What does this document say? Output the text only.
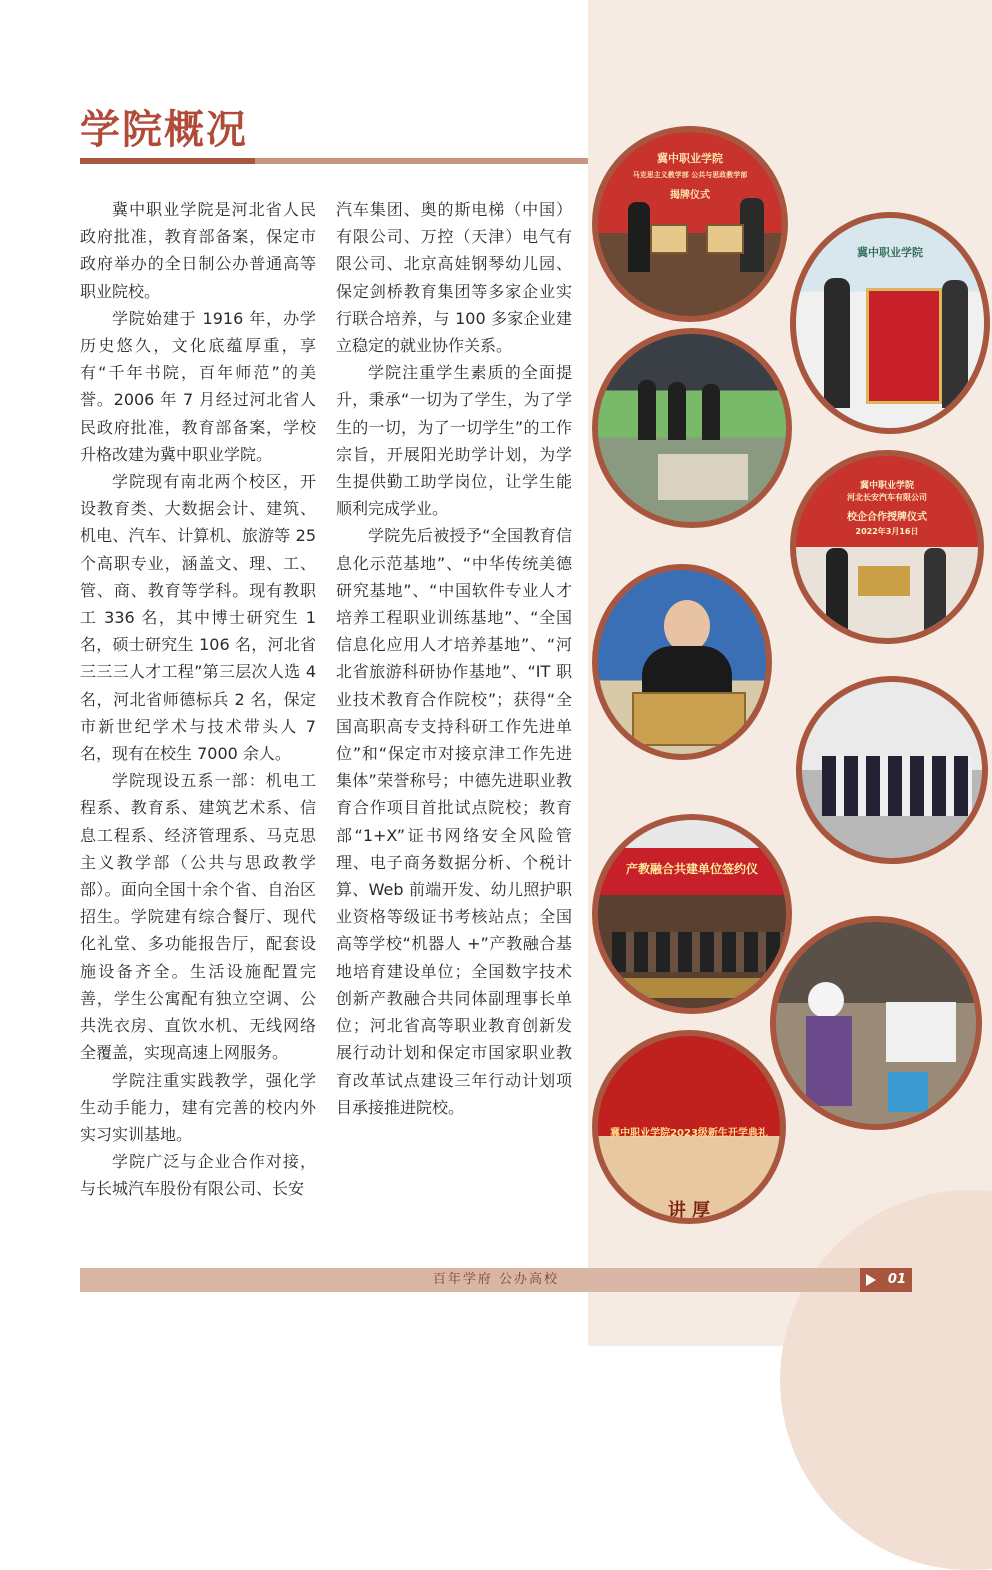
学院概况

冀中职业学院是河北省人民政府批准，教育部备案，保定市政府举办的全日制公办普通高等职业院校。

学院始建于 1916 年，办学历史悠久，文化底蕴厚重，享有“千年书院，百年师范”的美誉。2006 年 7 月经过河北省人民政府批准，教育部备案，学校升格改建为冀中职业学院。

学院现有南北两个校区，开设教育类、大数据会计、建筑、机电、汽车、计算机、旅游等 25 个高职专业，涵盖文、理、工、管、商、教育等学科。现有教职工 336 名，其中博士研究生 1 名，硕士研究生 106 名，河北省三三三人才工程”第三层次人选 4 名，河北省师德标兵 2 名，保定市新世纪学术与技术带头人 7 名，现有在校生 7000 余人。

学院现设五系一部：机电工程系、教育系、建筑艺术系、信息工程系、经济管理系、马克思主义教学部（公共与思政教学部）。面向全国十余个省、自治区招生。学院建有综合餐厅、现代化礼堂、多功能报告厅，配套设施设备齐全。生活设施配置完善，学生公寓配有独立空调、公共洗衣房、直饮水机、无线网络全覆盖，实现高速上网服务。

学院注重实践教学，强化学生动手能力，建有完善的校内外实习实训基地。

学院广泛与企业合作对接，与长城汽车股份有限公司、长安

汽车集团、奥的斯电梯（中国）有限公司、万控（天津）电气有限公司、北京高娃钢琴幼儿园、保定剑桥教育集团等多家企业实行联合培养，与 100 多家企业建立稳定的就业协作关系。

学院注重学生素质的全面提升，秉承“一切为了学生，为了学生的一切，为了一切学生”的工作宗旨，开展阳光助学计划，为学生提供勤工助学岗位，让学生能顺利完成学业。

学院先后被授予“全国教育信息化示范基地”、“中华传统美德研究基地”、“中国软件专业人才培养工程职业训练基地”、“全国信息化应用人才培养基地”、“河北省旅游科研协作基地”、“IT 职业技术教育合作院校”；获得“全国高职高专支持科研工作先进单位”和“保定市对接京津工作先进集体”荣誉称号；中德先进职业教育合作项目首批试点院校；教育部“1+X”证书网络安全风险管理、电子商务数据分析、个税计算、Web 前端开发、幼儿照护职业资格等级证书考核站点；全国高等学校“机器人 +”产教融合基地培育建设单位；全国数字技术创新产教融合共同体副理事长单位；河北省高等职业教育创新发展行动计划和保定市国家职业教育改革试点建设三年行动计划项目承接推进院校。

冀中职业学院
马克思主义教学部 公共与思政教学部
揭牌仪式
冀中职业学院
冀中职业学院
河北长安汽车有限公司
校企合作授牌仪式
2022年3月16日
产教融合共建单位签约仪
冀中职业学院2023级新生开学典礼
讲 厚
百年学府 公办高校	01
